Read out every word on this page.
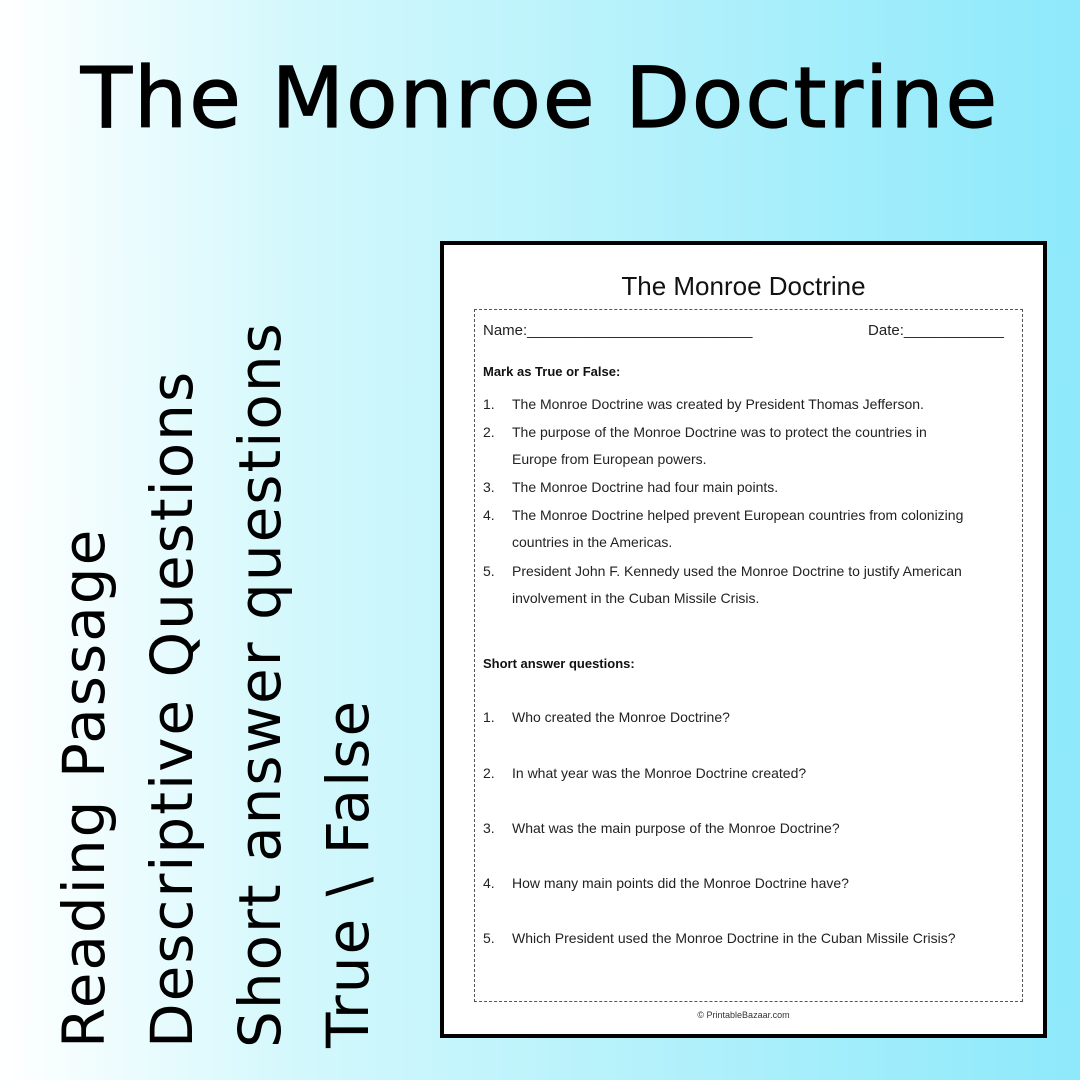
The Monroe Doctrine
Reading Passage Descriptive Questions Short answer questions True \ False
The Monroe Doctrine
Name:___________________________	Date:____________
Mark as True or False:
1.	The Monroe Doctrine was created by President Thomas Jefferson.
2.	The purpose of the Monroe Doctrine was to protect the countries in Europe from European powers.
3.	The Monroe Doctrine had four main points.
4.	The Monroe Doctrine helped prevent European countries from colonizing countries in the Americas.
5.	President John F. Kennedy used the Monroe Doctrine to justify American involvement in the Cuban Missile Crisis.
Short answer questions:
1.	Who created the Monroe Doctrine?
2.	In what year was the Monroe Doctrine created?
3.	What was the main purpose of the Monroe Doctrine?
4.	How many main points did the Monroe Doctrine have?
5.	Which President used the Monroe Doctrine in the Cuban Missile Crisis?
© PrintableBazaar.com
